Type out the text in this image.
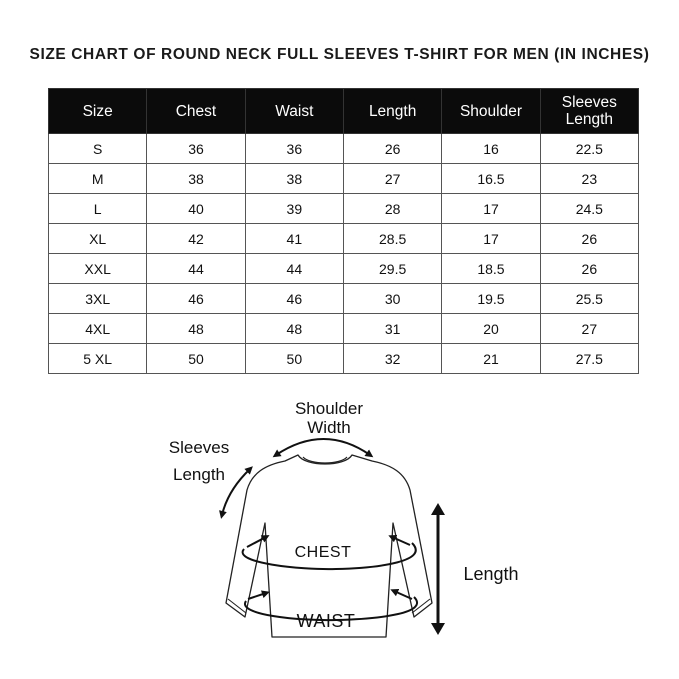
SIZE CHART OF ROUND NECK FULL SLEEVES T-SHIRT FOR MEN (IN INCHES)
Size	Chest	Waist	Length	Shoulder	Sleeves
Length
S	36	36	26	16	22.5
M	38	38	27	16.5	23
L	40	39	28	17	24.5
XL	42	41	28.5	17	26
XXL	44	44	29.5	18.5	26
3XL	46	46	30	19.5	25.5
4XL	48	48	31	20	27
5 XL	50	50	32	21	27.5
Shoulder
Width
Sleeves
Length
CHEST
WAIST
Length
